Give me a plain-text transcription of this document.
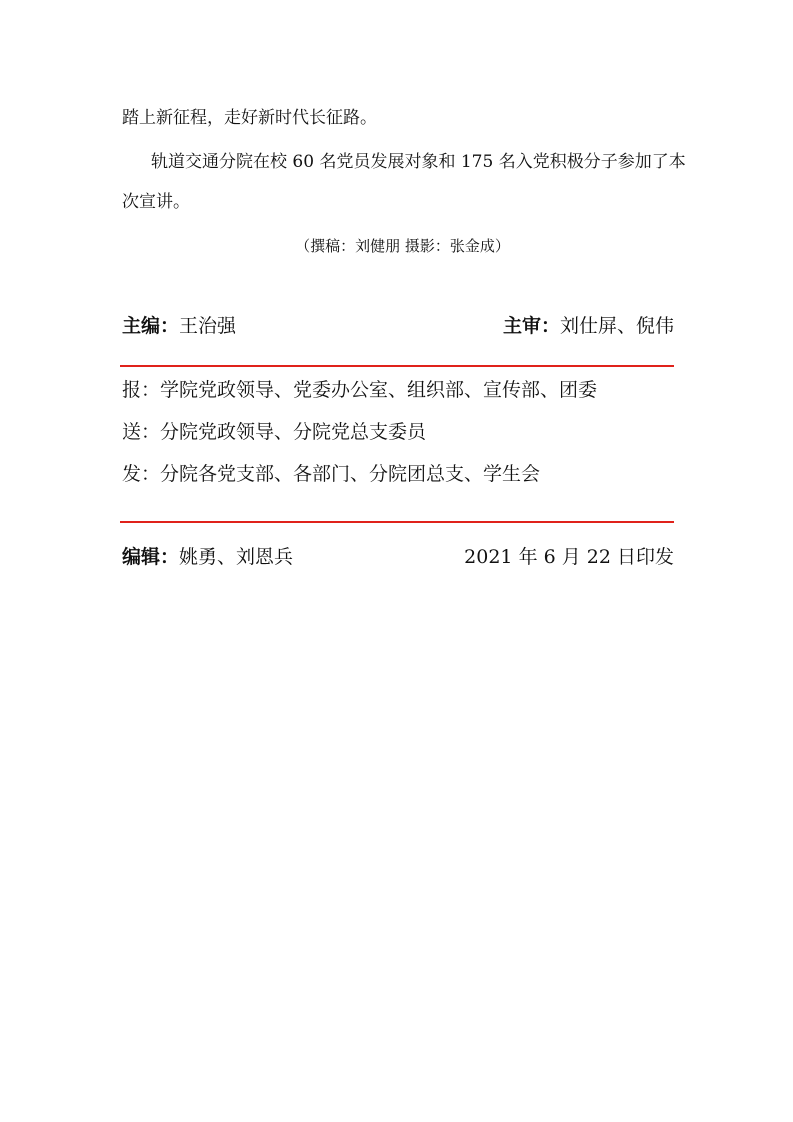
踏上新征程，走好新时代长征路。
轨道交通分院在校 60 名党员发展对象和 175 名入党积极分子参加了本
次宣讲。
（撰稿：刘健朋 摄影：张金成）
主编：王治强	主审：刘仕屏、倪伟
报：学院党政领导、党委办公室、组织部、宣传部、团委
送：分院党政领导、分院党总支委员
发：分院各党支部、各部门、分院团总支、学生会
编辑：姚勇、刘恩兵	2021 年 6 月 22 日印发
